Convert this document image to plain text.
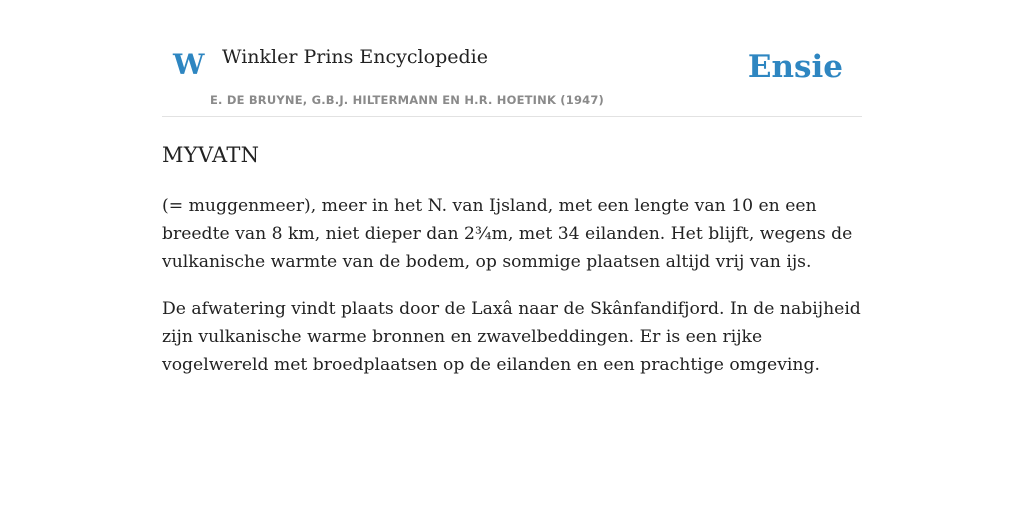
W Winkler Prins Encyclopedie
E. DE BRUYNE, G.B.J. HILTERMANN EN H.R. HOETINK (1947)
Ensie
MYVATN

(= muggenmeer), meer in het N. van Ijsland, met een lengte van 10 en een breedte van 8 km, niet dieper dan 2¾m, met 34 eilanden. Het blijft, wegens de vulkanische warmte van de bodem, op sommige plaatsen altijd vrij van ijs.

De afwatering vindt plaats door de Laxâ naar de Skânfandifjord. In de nabijheid zijn vulkanische warme bronnen en zwavelbeddingen. Er is een rijke vogelwereld met broedplaatsen op de eilanden en een prachtige omgeving.
